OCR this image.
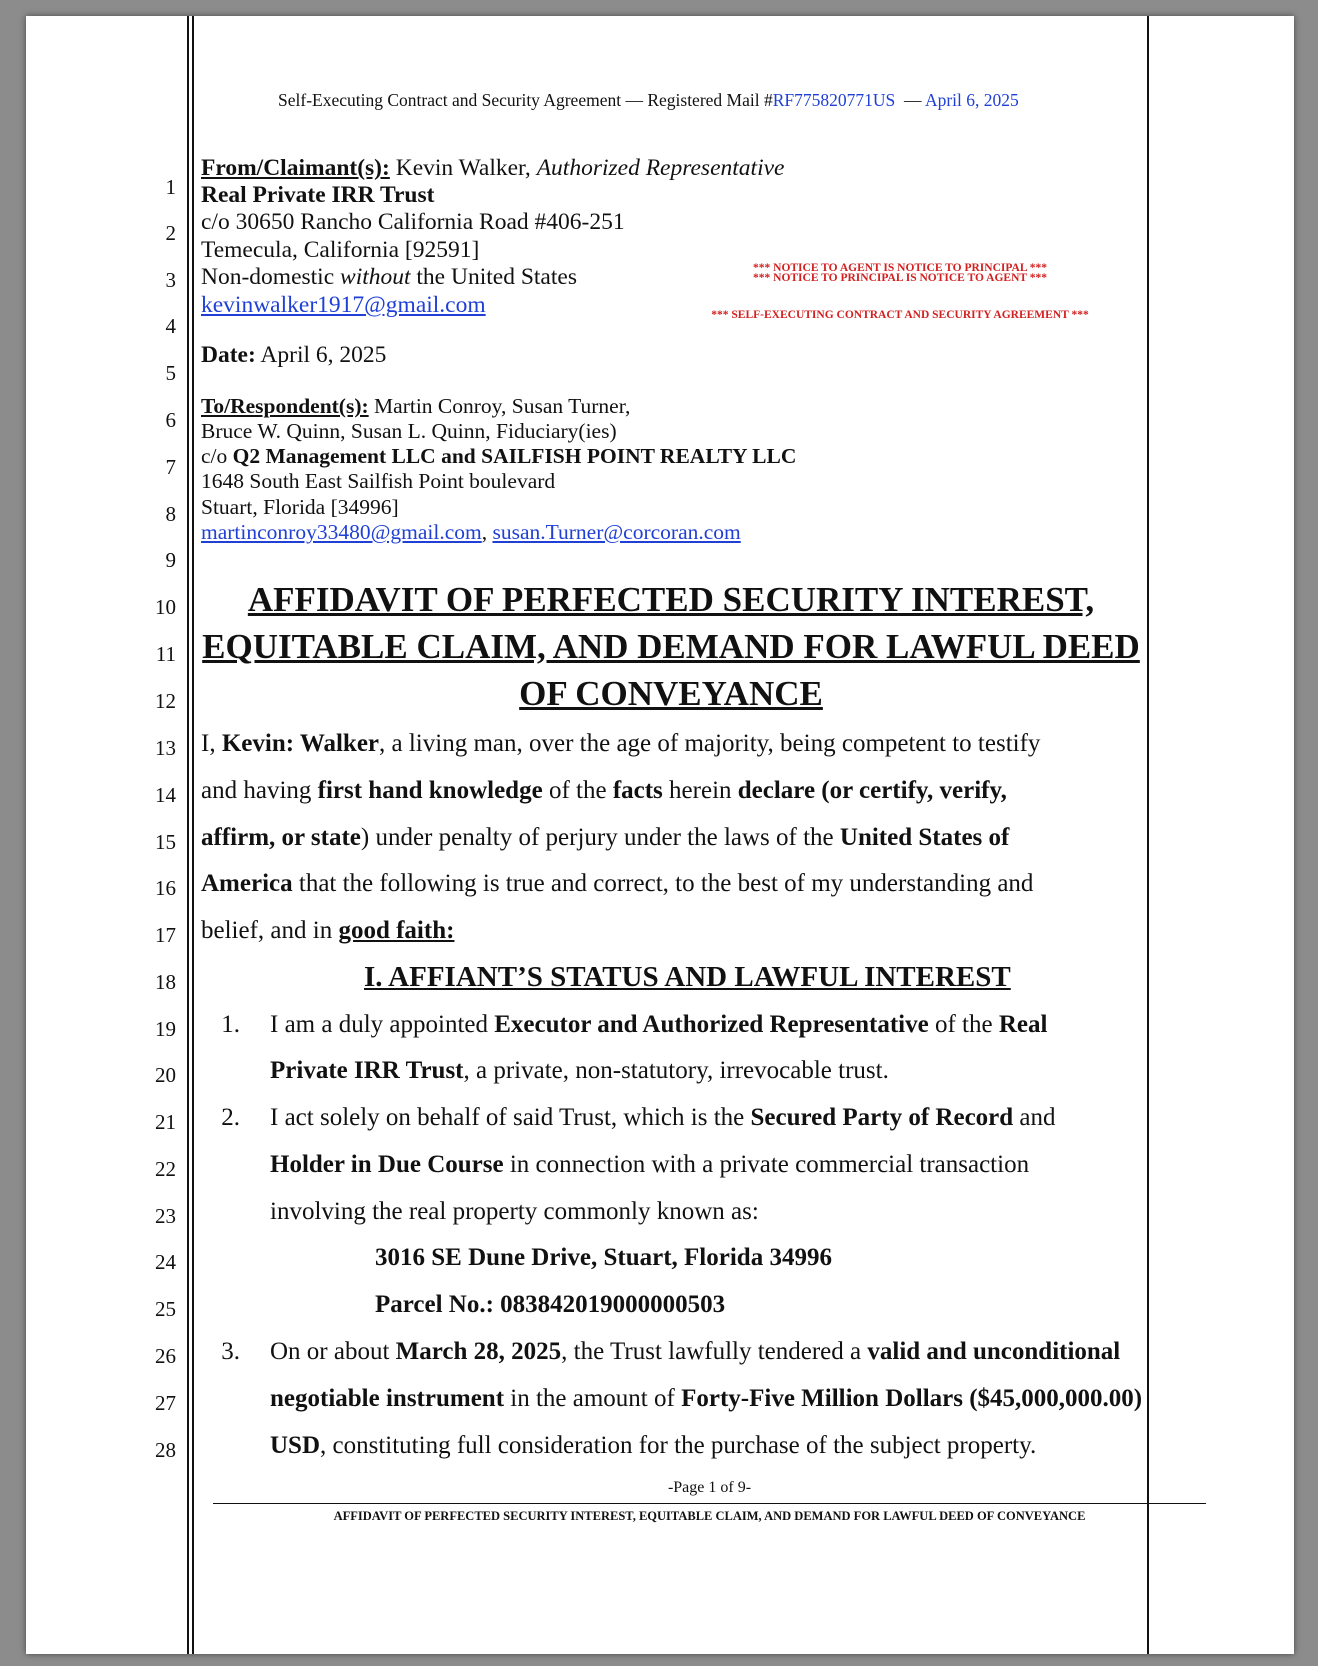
Self-Executing Contract and Security Agreement — Registered Mail #RF775820771US — April 6, 2025
1
2
3
4
5
6
7
8
9
10
11
12
13
14
15
16
17
18
19
20
21
22
23
24
25
26
27
28
From/Claimant(s): Kevin Walker, Authorized Representative
Real Private IRR Trust
c/o 30650 Rancho California Road #406-251
Temecula, California [92591]
Non-domestic without the United States
kevinwalker1917@gmail.com
*** NOTICE TO AGENT IS NOTICE TO PRINCIPAL ***
*** NOTICE TO PRINCIPAL IS NOTICE TO AGENT ***
*** SELF-EXECUTING CONTRACT AND SECURITY AGREEMENT ***
Date: April 6, 2025
To/Respondent(s): Martin Conroy, Susan Turner,
Bruce W. Quinn, Susan L. Quinn, Fiduciary(ies)
c/o Q2 Management LLC and SAILFISH POINT REALTY LLC
1648 South East Sailfish Point boulevard
Stuart, Florida [34996]
martinconroy33480@gmail.com, susan.Turner@corcoran.com
AFFIDAVIT OF PERFECTED SECURITY INTEREST,
EQUITABLE CLAIM, AND DEMAND FOR LAWFUL DEED
OF CONVEYANCE
I, Kevin: Walker, a living man, over the age of majority, being competent to testify
and having first hand knowledge of the facts herein declare (or certify, verify,
affirm, or state) under penalty of perjury under the laws of the United States of
America that the following is true and correct, to the best of my understanding and
belief, and in good faith:
I. AFFIANT’S STATUS AND LAWFUL INTEREST
1. I am a duly appointed Executor and Authorized Representative of the Real
Private IRR Trust, a private, non-statutory, irrevocable trust.
2. I act solely on behalf of said Trust, which is the Secured Party of Record and
Holder in Due Course in connection with a private commercial transaction
involving the real property commonly known as:
3016 SE Dune Drive, Stuart, Florida 34996
Parcel No.: 083842019000000503
3. On or about March 28, 2025, the Trust lawfully tendered a valid and unconditional
negotiable instrument in the amount of Forty-Five Million Dollars ($45,000,000.00)
USD, constituting full consideration for the purchase of the subject property.
-Page 1 of 9-
AFFIDAVIT OF PERFECTED SECURITY INTEREST, EQUITABLE CLAIM, AND DEMAND FOR LAWFUL DEED OF CONVEYANCE
